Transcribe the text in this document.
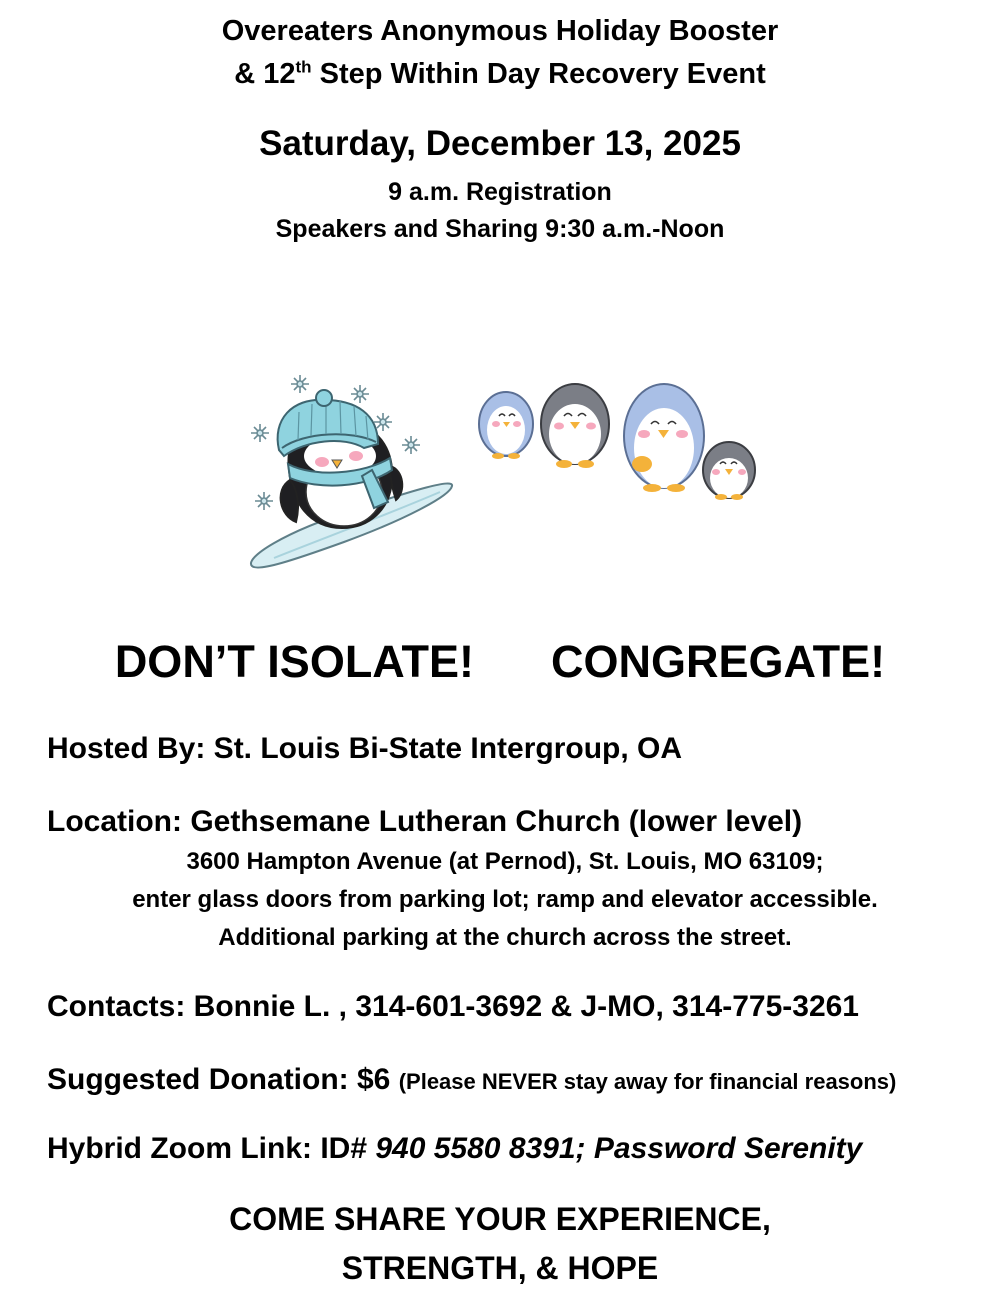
Overeaters Anonymous Holiday Booster
& 12th Step Within Day Recovery Event
Saturday, December 13, 2025
9 a.m. Registration
Speakers and Sharing 9:30 a.m.-Noon
DON’T ISOLATE! CONGREGATE!
Hosted By: St. Louis Bi-State Intergroup, OA
Location: Gethsemane Lutheran Church (lower level)
3600 Hampton Avenue (at Pernod), St. Louis, MO 63109;
enter glass doors from parking lot; ramp and elevator accessible.
Additional parking at the church across the street.
Contacts: Bonnie L. , 314-601-3692 & J-MO, 314-775-3261
Suggested Donation: $6 (Please NEVER stay away for financial reasons)
Hybrid Zoom Link: ID# 940 5580 8391; Password Serenity
COME SHARE YOUR EXPERIENCE,
STRENGTH, & HOPE
